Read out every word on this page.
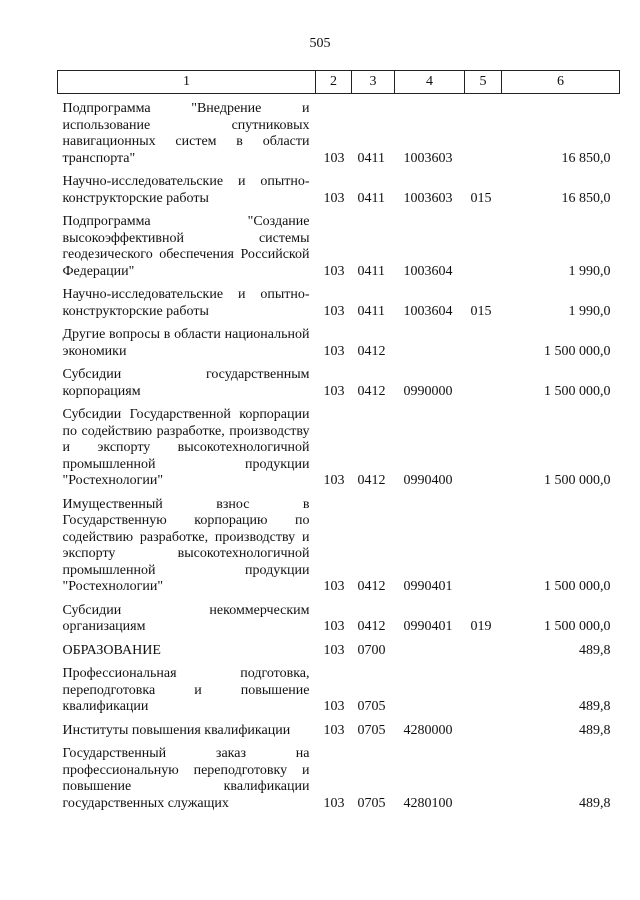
505
1	2	3	4	5	6
Подпрограмма "Внедрение и использование спутниковых навигационных систем в области транспорта"	103	0411	1003603		16 850,0
Научно-исследовательские и опытно-конструкторские работы	103	0411	1003603	015	16 850,0
Подпрограмма "Создание высокоэффективной системы геодезического обеспечения Российской Федерации"	103	0411	1003604		1 990,0
Научно-исследовательские и опытно-конструкторские работы	103	0411	1003604	015	1 990,0
Другие вопросы в области национальной экономики	103	0412			1 500 000,0
Субсидии государственным корпорациям	103	0412	0990000		1 500 000,0
Субсидии Государственной корпорации по содействию разработке, производству и экспорту высокотехнологичной промышленной продукции "Ростехнологии"	103	0412	0990400		1 500 000,0
Имущественный взнос в Государственную корпорацию по содействию разработке, производству и экспорту высокотехнологичной промышленной продукции "Ростехнологии"	103	0412	0990401		1 500 000,0
Субсидии некоммерческим организациям	103	0412	0990401	019	1 500 000,0
ОБРАЗОВАНИЕ	103	0700			489,8
Профессиональная подготовка, переподготовка и повышение квалификации	103	0705			489,8
Институты повышения квалификации	103	0705	4280000		489,8
Государственный заказ на профессиональную переподготовку и повышение квалификации государственных служащих	103	0705	4280100		489,8
